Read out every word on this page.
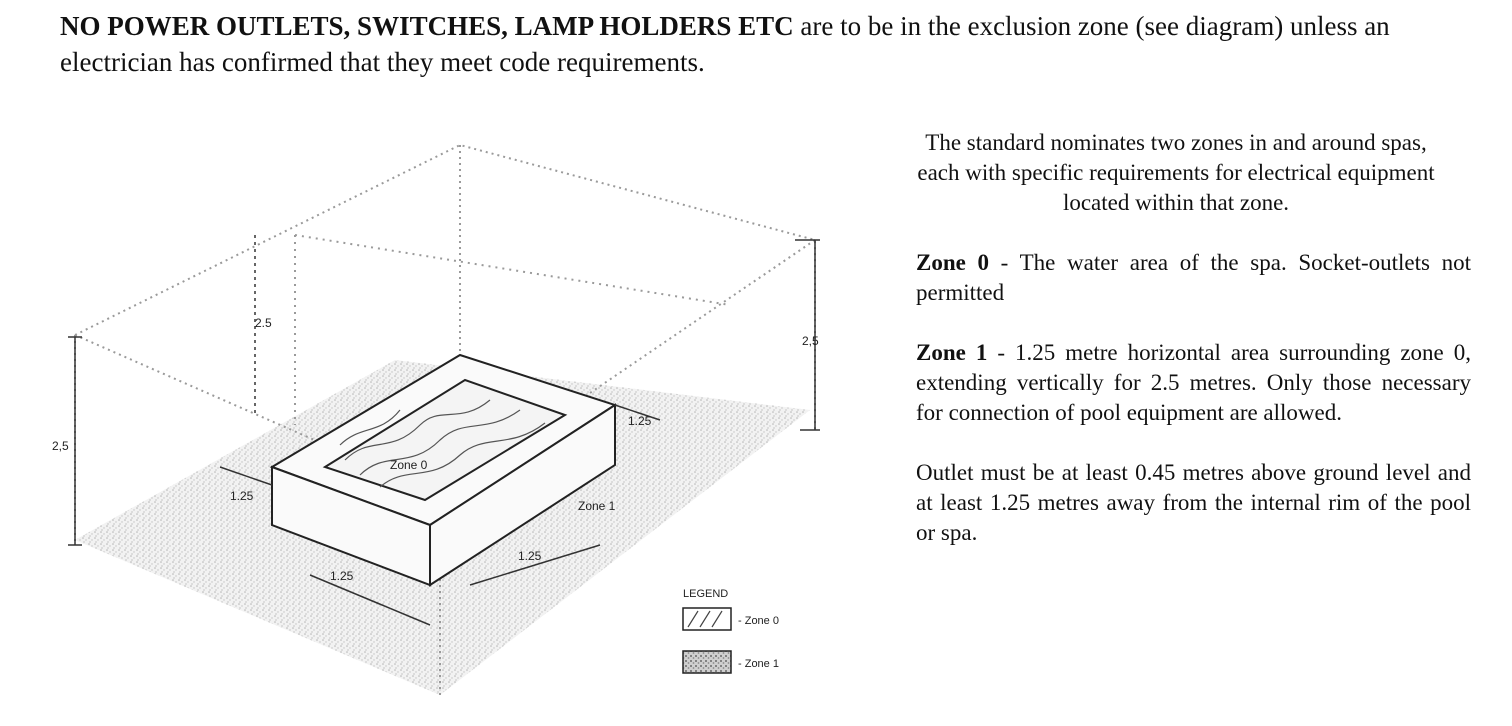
NO POWER OUTLETS, SWITCHES, LAMP HOLDERS ETC are to be in the exclusion zone (see diagram) unless an electrician has confirmed that they meet code requirements.
2,5
2.5
2,5
1.25
1.25
1.25
1.25
Zone 0
Zone 1
LEGEND
- Zone 0
- Zone 1
The standard nominates two zones in and around spas, each with specific requirements for electrical equipment located within that zone.
Zone 0 - The water area of the spa. Socket-outlets not permitted
Zone 1 - 1.25 metre horizontal area surrounding zone 0, extending vertically for 2.5 metres. Only those necessary for connection of pool equipment are allowed.
Outlet must be at least 0.45 metres above ground level and at least 1.25 metres away from the internal rim of the pool or spa.
